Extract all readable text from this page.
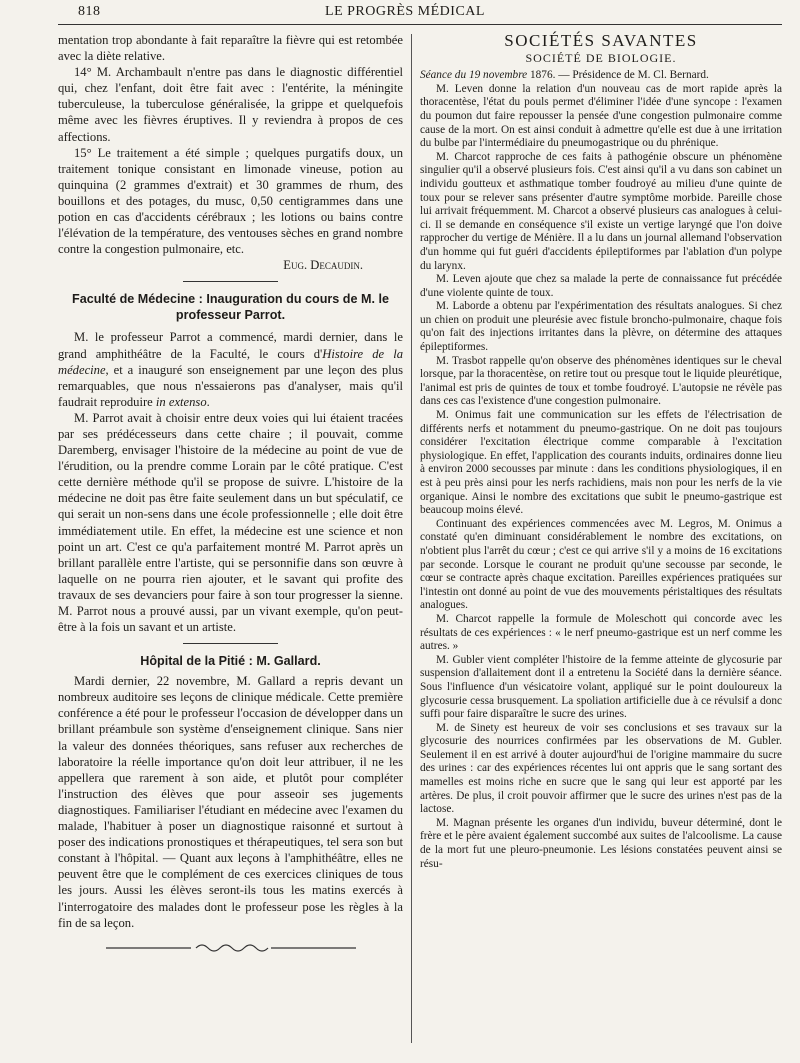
818	LE PROGRÈS MÉDICAL

mentation trop abondante à fait reparaître la fièvre qui est retombée avec la diète relative.

14° M. Archambault n'entre pas dans le diagnostic différentiel qui, chez l'enfant, doit être fait avec : l'entérite, la méningite tuberculeuse, la tuberculose généralisée, la grippe et quelquefois même avec les fièvres éruptives. Il y reviendra à propos de ces affections.

15° Le traitement a été simple ; quelques purgatifs doux, un traitement tonique consistant en limonade vineuse, potion au quinquina (2 grammes d'extrait) et 30 grammes de rhum, des bouillons et des potages, du musc, 0,50 centigrammes dans une potion en cas d'accidents cérébraux ; les lotions ou bains contre l'élévation de la température, des ventouses sèches en grand nombre contre la congestion pulmonaire, etc.

Eug. Decaudin.

Faculté de Médecine : Inauguration du cours de M. le professeur Parrot.

M. le professeur Parrot a commencé, mardi dernier, dans le grand amphithéâtre de la Faculté, le cours d'Histoire de la médecine, et a inauguré son enseignement par une leçon des plus remarquables, que nous n'essaierons pas d'analyser, mais qu'il faudrait reproduire in extenso.

M. Parrot avait à choisir entre deux voies qui lui étaient tracées par ses prédécesseurs dans cette chaire ; il pouvait, comme Daremberg, envisager l'histoire de la médecine au point de vue de l'érudition, ou la prendre comme Lorain par le côté pratique. C'est cette dernière méthode qu'il se propose de suivre. L'histoire de la médecine ne doit pas être faite seulement dans un but spéculatif, ce qui serait un non-sens dans une école professionnelle ; elle doit être immédiatement utile. En effet, la médecine est une science et non point un art. C'est ce qu'a parfaitement montré M. Parrot après un brillant parallèle entre l'artiste, qui se personnifie dans son œuvre à laquelle on ne pourra rien ajouter, et le savant qui profite des travaux de ses devanciers pour faire à son tour progresser la sienne. M. Parrot nous a prouvé aussi, par un vivant exemple, qu'on peut-être à la fois un savant et un artiste.

Hôpital de la Pitié : M. Gallard.

Mardi dernier, 22 novembre, M. Gallard a repris devant un nombreux auditoire ses leçons de clinique médicale. Cette première conférence a été pour le professeur l'occasion de développer dans un brillant préambule son système d'enseignement clinique. Sans nier la valeur des données théoriques, sans refuser aux recherches de laboratoire la réelle importance qu'on doit leur attribuer, il ne les appellera que rarement à son aide, et plutôt pour compléter l'instruction des élèves que pour asseoir ses jugements diagnostiques. Familiariser l'étudiant en médecine avec l'examen du malade, l'habituer à poser un diagnostique raisonné et surtout à poser des indications pronostiques et thérapeutiques, tel sera son but constant à l'hôpital. — Quant aux leçons à l'amphithéâtre, elles ne peuvent être que le complément de ces exercices cliniques de tous les jours. Aussi les élèves seront-ils tous les matins exercés à l'interrogatoire des malades dont le professeur pose les règles à la fin de sa leçon.

SOCIÉTÉS SAVANTES
SOCIÉTÉ DE BIOLOGIE.

Séance du 19 novembre 1876. — Présidence de M. Cl. Bernard.

M. Leven donne la relation d'un nouveau cas de mort rapide après la thoracentèse, l'état du pouls permet d'éliminer l'idée d'une syncope : l'examen du poumon dut faire repousser la pensée d'une congestion pulmonaire comme cause de la mort. On est ainsi conduit à admettre qu'elle est due à une irritation du bulbe par l'intermédiaire du pneumogastrique ou du phrénique.

M. Charcot rapproche de ces faits à pathogénie obscure un phénomène singulier qu'il a observé plusieurs fois. C'est ainsi qu'il a vu dans son cabinet un individu goutteux et asthmatique tomber foudroyé au milieu d'une quinte de toux pour se relever sans présenter d'autre symptôme morbide. Pareille chose lui arrivait fréquemment. M. Charcot a observé plusieurs cas analogues à celui-ci. Il se demande en conséquence s'il existe un vertige laryngé que l'on doive rapprocher du vertige de Ménière. Il a lu dans un journal allemand l'observation d'un homme qui fut guéri d'accidents épileptiformes par l'ablation d'un polype du larynx.

M. Leven ajoute que chez sa malade la perte de connaissance fut précédée d'une violente quinte de toux.

M. Laborde a obtenu par l'expérimentation des résultats analogues. Si chez un chien on produit une pleurésie avec fistule broncho-pulmonaire, chaque fois qu'on fait des injections irritantes dans la plèvre, on détermine des attaques épileptiformes.

M. Trasbot rappelle qu'on observe des phénomènes identiques sur le cheval lorsque, par la thoracentèse, on retire tout ou presque tout le liquide pleurétique, l'animal est pris de quintes de toux et tombe foudroyé. L'autopsie ne révèle pas dans ces cas l'existence d'une congestion pulmonaire.

M. Onimus fait une communication sur les effets de l'électrisation de différents nerfs et notamment du pneumo-gastrique. On ne doit pas toujours considérer l'excitation électrique comme comparable à l'excitation physiologique. En effet, l'application des courants induits, ordinaires donne lieu à environ 2000 secousses par minute : dans les conditions physiologiques, il en est à peu près ainsi pour les nerfs rachidiens, mais non pour les nerfs de la vie organique. Ainsi le nombre des excitations que subit le pneumo-gastrique est beaucoup moins élevé.

Continuant des expériences commencées avec M. Legros, M. Onimus a constaté qu'en diminuant considérablement le nombre des excitations, on n'obtient plus l'arrêt du cœur ; c'est ce qui arrive s'il y a moins de 16 excitations par seconde. Lorsque le courant ne produit qu'une secousse par seconde, le cœur se contracte après chaque excitation. Pareilles expériences pratiquées sur l'intestin ont donné au point de vue des mouvements péristaltiques des résultats analogues.

M. Charcot rappelle la formule de Moleschott qui concorde avec les résultats de ces expériences : « le nerf pneumo-gastrique est un nerf comme les autres. »

M. Gubler vient compléter l'histoire de la femme atteinte de glycosurie par suspension d'allaitement dont il a entretenu la Société dans la dernière séance. Sous l'influence d'un vésicatoire volant, appliqué sur le point douloureux la glycosurie cessa brusquement. La spoliation artificielle due à ce révulsif a donc suffi pour faire disparaître le sucre des urines.

M. de Sinety est heureux de voir ses conclusions et ses travaux sur la glycosurie des nourrices confirmées par les observations de M. Gubler. Seulement il en est arrivé à douter aujourd'hui de l'origine mammaire du sucre des urines : car des expériences récentes lui ont appris que le sang sortant des mamelles est moins riche en sucre que le sang qui leur est apporté par les artères. De plus, il croit pouvoir affirmer que le sucre des urines n'est pas de la lactose.

M. Magnan présente les organes d'un individu, buveur déterminé, dont le frère et le père avaient également succombé aux suites de l'alcoolisme. La cause de la mort fut une pleuro-pneumonie. Les lésions constatées peuvent ainsi se résu-
